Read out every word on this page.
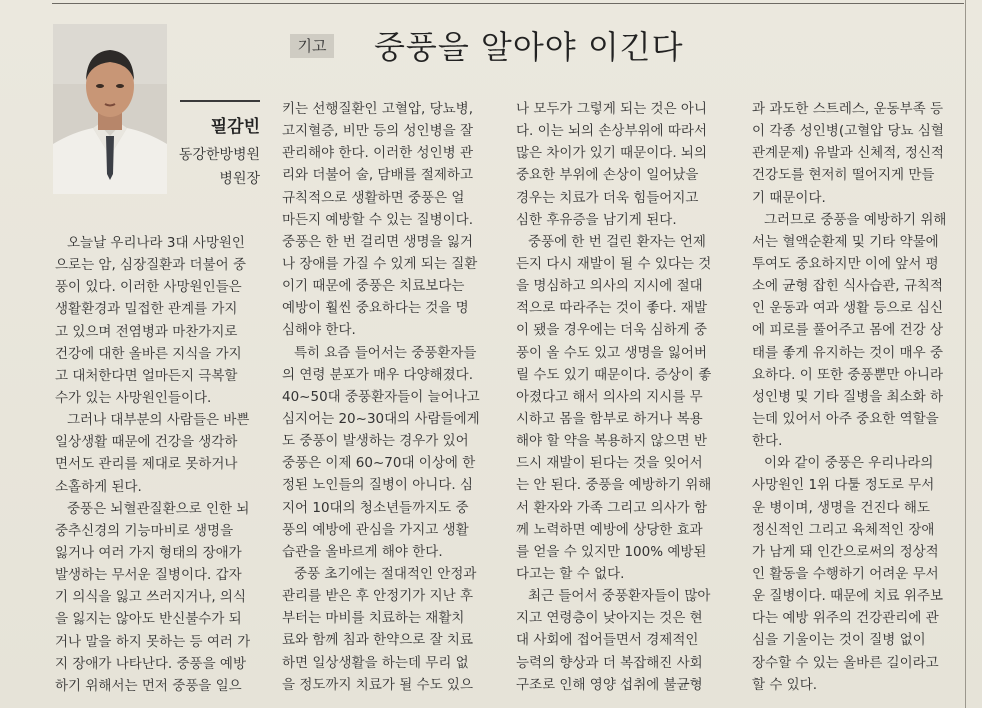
기고 중풍을 알아야 이긴다
필감빈
동강한방병원
병원장
오늘날 우리나라 3대 사망원인
으로는 암, 심장질환과 더불어 중
풍이 있다. 이러한 사망원인들은
생활환경과 밀접한 관계를 가지
고 있으며 전염병과 마찬가지로
건강에 대한 올바른 지식을 가지
고 대처한다면 얼마든지 극복할
수가 있는 사망원인들이다.
그러나 대부분의 사람들은 바쁜
일상생활 때문에 건강을 생각하
면서도 관리를 제대로 못하거나
소홀하게 된다.
중풍은 뇌혈관질환으로 인한 뇌
중추신경의 기능마비로 생명을
잃거나 여러 가지 형태의 장애가
발생하는 무서운 질병이다. 갑자
기 의식을 잃고 쓰러지거나, 의식
을 잃지는 않아도 반신불수가 되
거나 말을 하지 못하는 등 여러 가
지 장애가 나타난다. 중풍을 예방
하기 위해서는 먼저 중풍을 일으
키는 선행질환인 고혈압, 당뇨병,
고지혈증, 비만 등의 성인병을 잘
관리해야 한다. 이러한 성인병 관
리와 더불어 술, 담배를 절제하고
규칙적으로 생활하면 중풍은 얼
마든지 예방할 수 있는 질병이다.
중풍은 한 번 걸리면 생명을 잃거
나 장애를 가질 수 있게 되는 질환
이기 때문에 중풍은 치료보다는
예방이 훨씬 중요하다는 것을 명
심해야 한다.
특히 요즘 들어서는 중풍환자들
의 연령 분포가 매우 다양해졌다.
40~50대 중풍환자들이 늘어나고
심지어는 20~30대의 사람들에게
도 중풍이 발생하는 경우가 있어
중풍은 이제 60~70대 이상에 한
정된 노인들의 질병이 아니다. 심
지어 10대의 청소년들까지도 중
풍의 예방에 관심을 가지고 생활
습관을 올바르게 해야 한다.
중풍 초기에는 절대적인 안정과
관리를 받은 후 안정기가 지난 후
부터는 마비를 치료하는 재활치
료와 함께 침과 한약으로 잘 치료
하면 일상생활을 하는데 무리 없
을 정도까지 치료가 될 수도 있으
나 모두가 그렇게 되는 것은 아니
다. 이는 뇌의 손상부위에 따라서
많은 차이가 있기 때문이다. 뇌의
중요한 부위에 손상이 일어났을
경우는 치료가 더욱 힘들어지고
심한 후유증을 남기게 된다.
중풍에 한 번 걸린 환자는 언제
든지 다시 재발이 될 수 있다는 것
을 명심하고 의사의 지시에 절대
적으로 따라주는 것이 좋다. 재발
이 됐을 경우에는 더욱 심하게 중
풍이 올 수도 있고 생명을 잃어버
릴 수도 있기 때문이다. 증상이 좋
아졌다고 해서 의사의 지시를 무
시하고 몸을 함부로 하거나 복용
해야 할 약을 복용하지 않으면 반
드시 재발이 된다는 것을 잊어서
는 안 된다. 중풍을 예방하기 위해
서 환자와 가족 그리고 의사가 함
께 노력하면 예방에 상당한 효과
를 얻을 수 있지만 100% 예방된
다고는 할 수 없다.
최근 들어서 중풍환자들이 많아
지고 연령층이 낮아지는 것은 현
대 사회에 접어들면서 경제적인
능력의 향상과 더 복잡해진 사회
구조로 인해 영양 섭취에 불균형
과 과도한 스트레스, 운동부족 등
이 각종 성인병(고혈압 당뇨 심혈
관계문제) 유발과 신체적, 정신적
건강도를 현저히 떨어지게 만들
기 때문이다.
그러므로 중풍을 예방하기 위해
서는 혈액순환제 및 기타 약물에
투여도 중요하지만 이에 앞서 평
소에 균형 잡힌 식사습관, 규칙적
인 운동과 여과 생활 등으로 심신
에 피로를 풀어주고 몸에 건강 상
태를 좋게 유지하는 것이 매우 중
요하다. 이 또한 중풍뿐만 아니라
성인병 및 기타 질병을 최소화 하
는데 있어서 아주 중요한 역할을
한다.
이와 같이 중풍은 우리나라의
사망원인 1위 다툴 정도로 무서
운 병이며, 생명을 건진다 해도
정신적인 그리고 육체적인 장애
가 남게 돼 인간으로써의 정상적
인 활동을 수행하기 어려운 무서
운 질병이다. 때문에 치료 위주보
다는 예방 위주의 건강관리에 관
심을 기울이는 것이 질병 없이
장수할 수 있는 올바른 길이라고
할 수 있다.
